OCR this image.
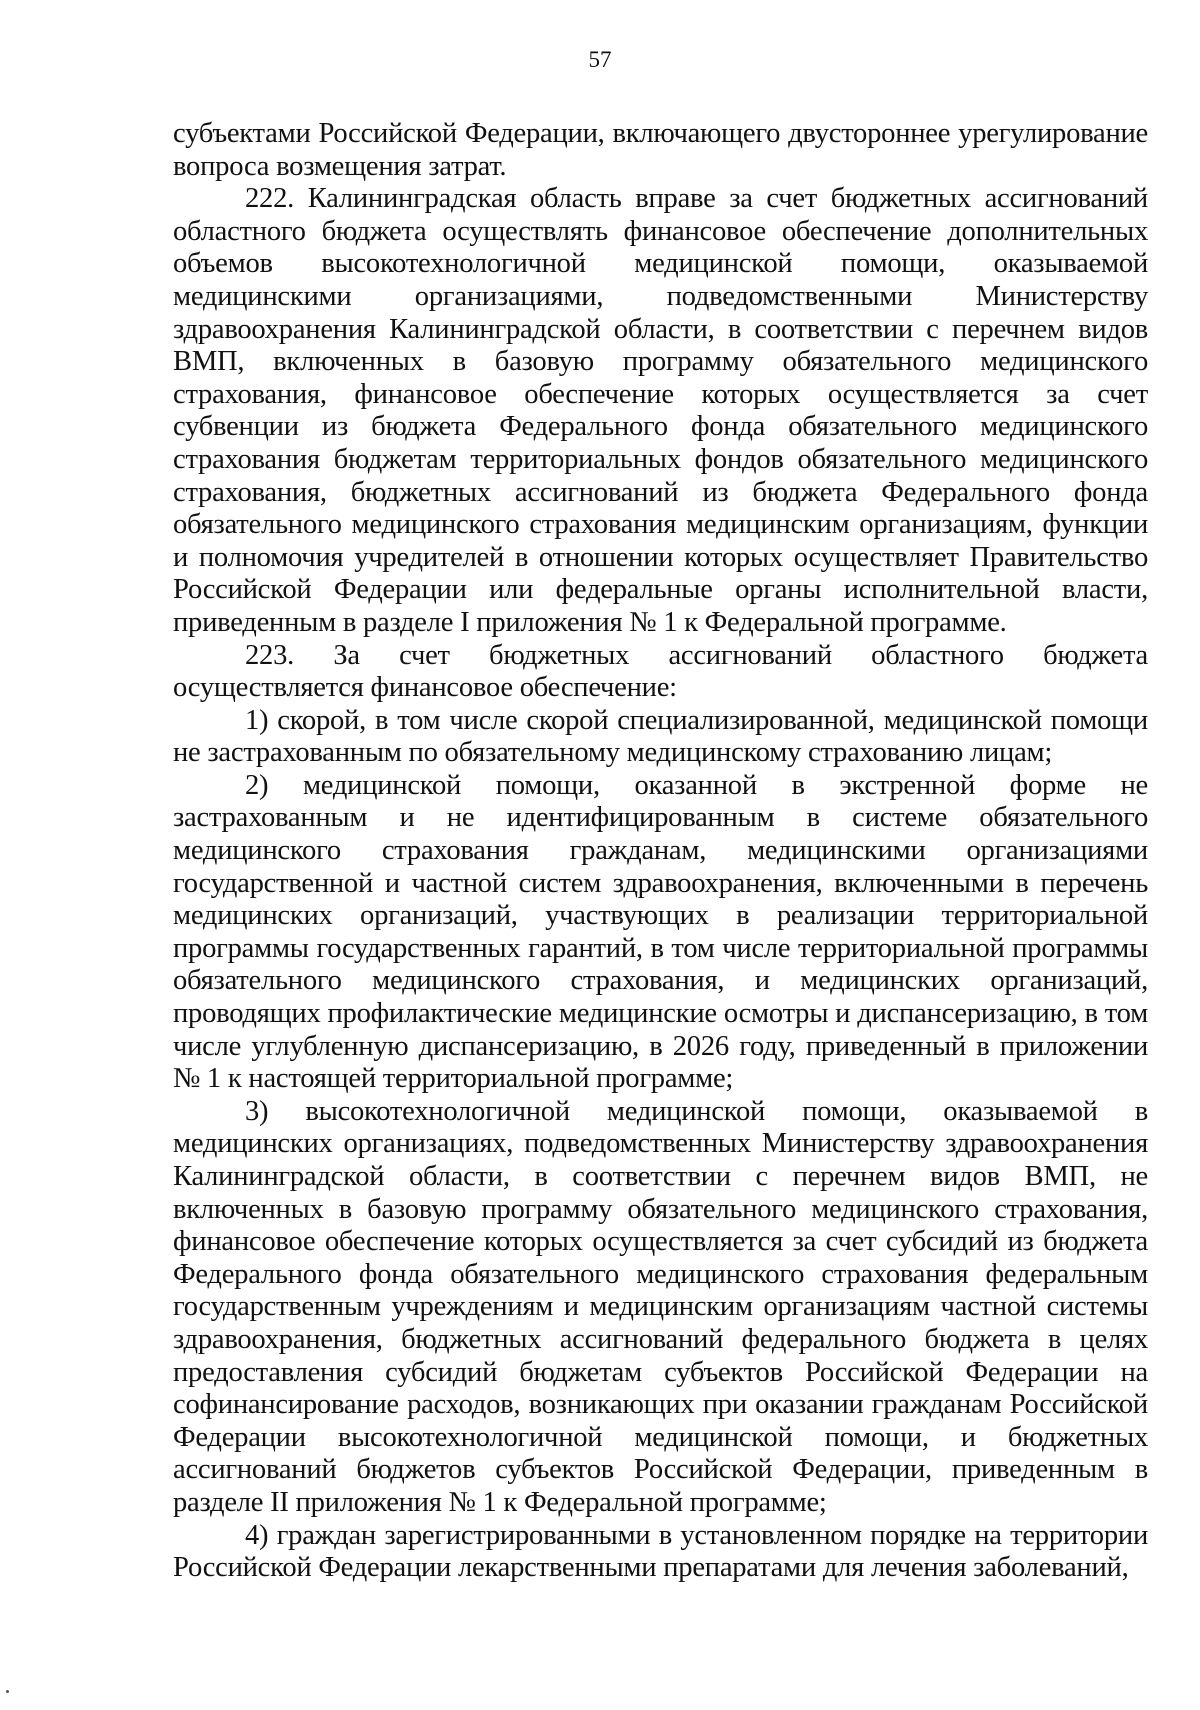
57

субъектами Российской Федерации, включающего двустороннее урегулирование вопроса возмещения затрат.

222. Калининградская область вправе за счет бюджетных ассигнований областного бюджета осуществлять финансовое обеспечение дополнительных объемов высокотехнологичной медицинской помощи, оказываемой медицинскими организациями, подведомственными Министерству здравоохранения Калининградской области, в соответствии с перечнем видов ВМП, включенных в базовую программу обязательного медицинского страхования, финансовое обеспечение которых осуществляется за счет субвенции из бюджета Федерального фонда обязательного медицинского страхования бюджетам территориальных фондов обязательного медицинского страхования, бюджетных ассигнований из бюджета Федерального фонда обязательного медицинского страхования медицинским организациям, функции и полномочия учредителей в отношении которых осуществляет Правительство Российской Федерации или федеральные органы исполнительной власти, приведенным в разделе I приложения № 1 к Федеральной программе.

223. За счет бюджетных ассигнований областного бюджета осуществляется финансовое обеспечение:

1) скорой, в том числе скорой специализированной, медицинской помощи не застрахованным по обязательному медицинскому страхованию лицам;

2) медицинской помощи, оказанной в экстренной форме не застрахованным и не идентифицированным в системе обязательного медицинского страхования гражданам, медицинскими организациями государственной и частной систем здравоохранения, включенными в перечень медицинских организаций, участвующих в реализации территориальной программы государственных гарантий, в том числе территориальной программы обязательного медицинского страхования, и медицинских организаций, проводящих профилактические медицинские осмотры и диспансеризацию, в том числе углубленную диспансеризацию, в 2026 году, приведенный в приложении № 1 к настоящей территориальной программе;

3) высокотехнологичной медицинской помощи, оказываемой в медицинских организациях, подведомственных Министерству здравоохранения Калининградской области, в соответствии с перечнем видов ВМП, не включенных в базовую программу обязательного медицинского страхования, финансовое обеспечение которых осуществляется за счет субсидий из бюджета Федерального фонда обязательного медицинского страхования федеральным государственным учреждениям и медицинским организациям частной системы здравоохранения, бюджетных ассигнований федерального бюджета в целях предоставления субсидий бюджетам субъектов Российской Федерации на софинансирование расходов, возникающих при оказании гражданам Российской Федерации высокотехнологичной медицинской помощи, и бюджетных ассигнований бюджетов субъектов Российской Федерации, приведенным в разделе II приложения № 1 к Федеральной программе;

4) граждан зарегистрированными в установленном порядке на территории Российской Федерации лекарственными препаратами для лечения заболеваний,
